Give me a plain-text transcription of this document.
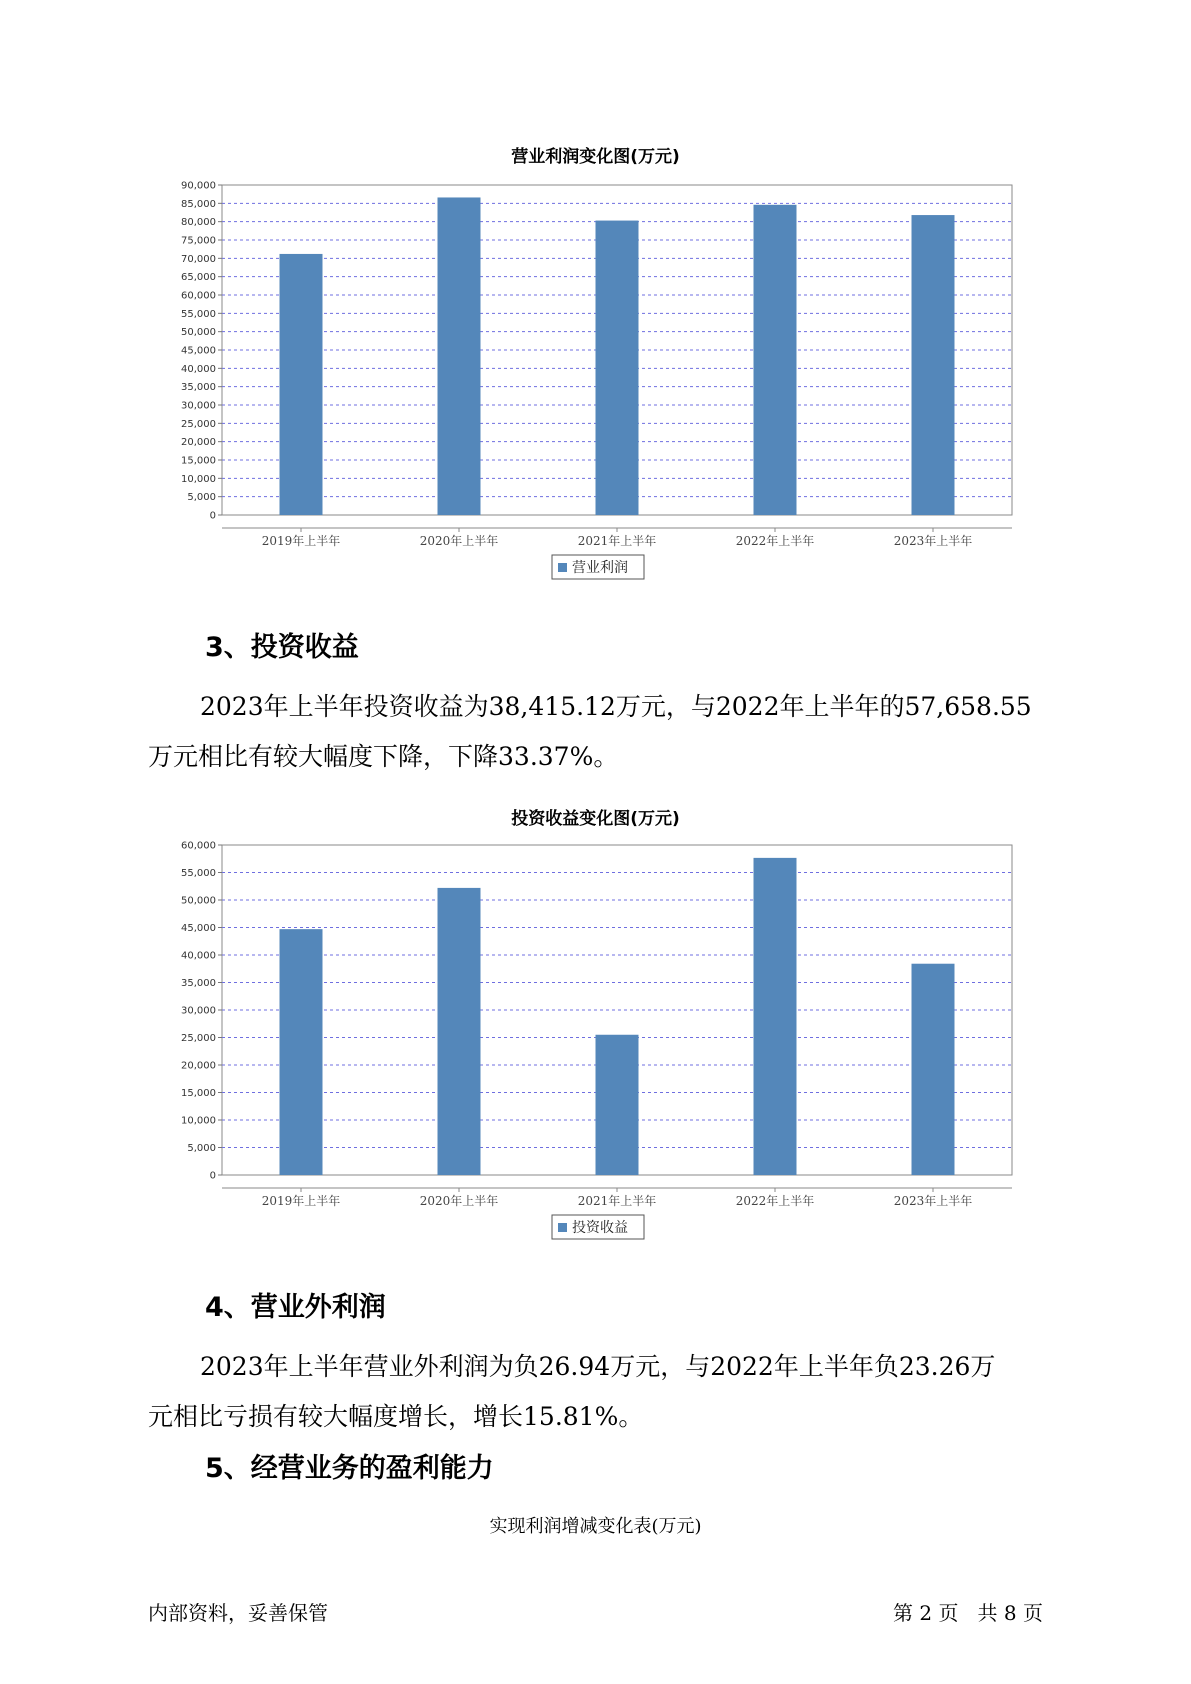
营业利润变化图(万元)
0
5,000
10,000
15,000
20,000
25,000
30,000
35,000
40,000
45,000
50,000
55,000
60,000
65,000
70,000
75,000
80,000
85,000
90,000
2019年上半年	2020年上半年	2021年上半年	2022年上半年	2023年上半年
营业利润
3、投资收益
2023年上半年投资收益为38,415.12万元，与2022年上半年的57,658.55
万元相比有较大幅度下降，下降33.37%。
投资收益变化图(万元)
0
5,000
10,000
15,000
20,000
25,000
30,000
35,000
40,000
45,000
50,000
55,000
60,000
2019年上半年	2020年上半年	2021年上半年	2022年上半年	2023年上半年
投资收益
4、营业外利润
2023年上半年营业外利润为负26.94万元，与2022年上半年负23.26万
元相比亏损有较大幅度增长，增长15.81%。
5、经营业务的盈利能力
实现利润增减变化表(万元)
内部资料，妥善保管	第 2 页   共 8 页
